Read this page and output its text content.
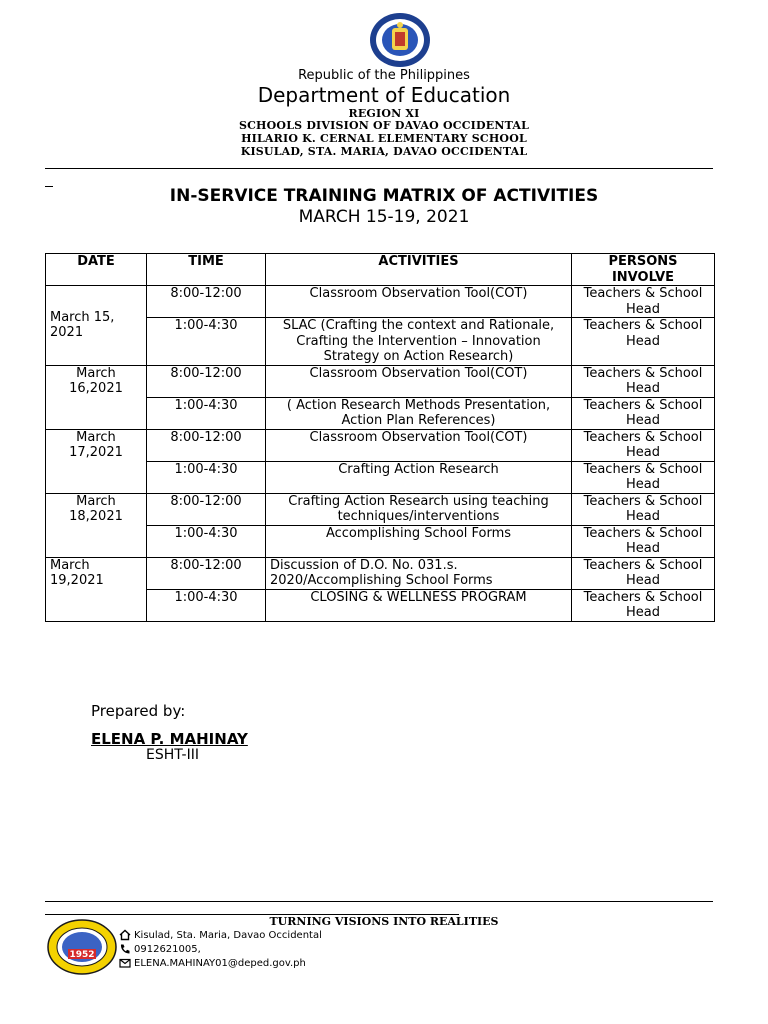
Republic of the Philippines
Department of Education
REGION XI
SCHOOLS DIVISION OF DAVAO OCCIDENTAL
HILARIO K. CERNAL ELEMENTARY SCHOOL
KISULAD, STA. MARIA, DAVAO OCCIDENTAL
IN-SERVICE TRAINING MATRIX OF ACTIVITIES
MARCH 15-19, 2021
DATE	TIME	ACTIVITIES	PERSONS INVOLVE
March 15, 2021	8:00-12:00	Classroom Observation Tool(COT)	Teachers & School Head
	1:00-4:30	SLAC (Crafting the context and Rationale, Crafting the Intervention – Innovation Strategy on Action Research)	Teachers & School Head
March 16,2021	8:00-12:00	Classroom Observation Tool(COT)	Teachers & School Head
	1:00-4:30	( Action Research Methods Presentation, Action Plan References)	Teachers & School Head
March 17,2021	8:00-12:00	Classroom Observation Tool(COT)	Teachers & School Head
	1:00-4:30	Crafting Action Research	Teachers & School Head
March 18,2021	8:00-12:00	Crafting Action Research using teaching techniques/interventions	Teachers & School Head
	1:00-4:30	Accomplishing School Forms	Teachers & School Head
March 19,2021	8:00-12:00	Discussion of D.O. No. 031.s. 2020/Accomplishing School Forms	Teachers & School Head
	1:00-4:30	CLOSING & WELLNESS PROGRAM	Teachers & School Head
Prepared by:
ELENA P. MAHINAY
ESHT-III
TURNING VISIONS INTO REALITIES
1952
Kisulad, Sta. Maria, Davao Occidental
0912621005,
ELENA.MAHINAY01@deped.gov.ph
